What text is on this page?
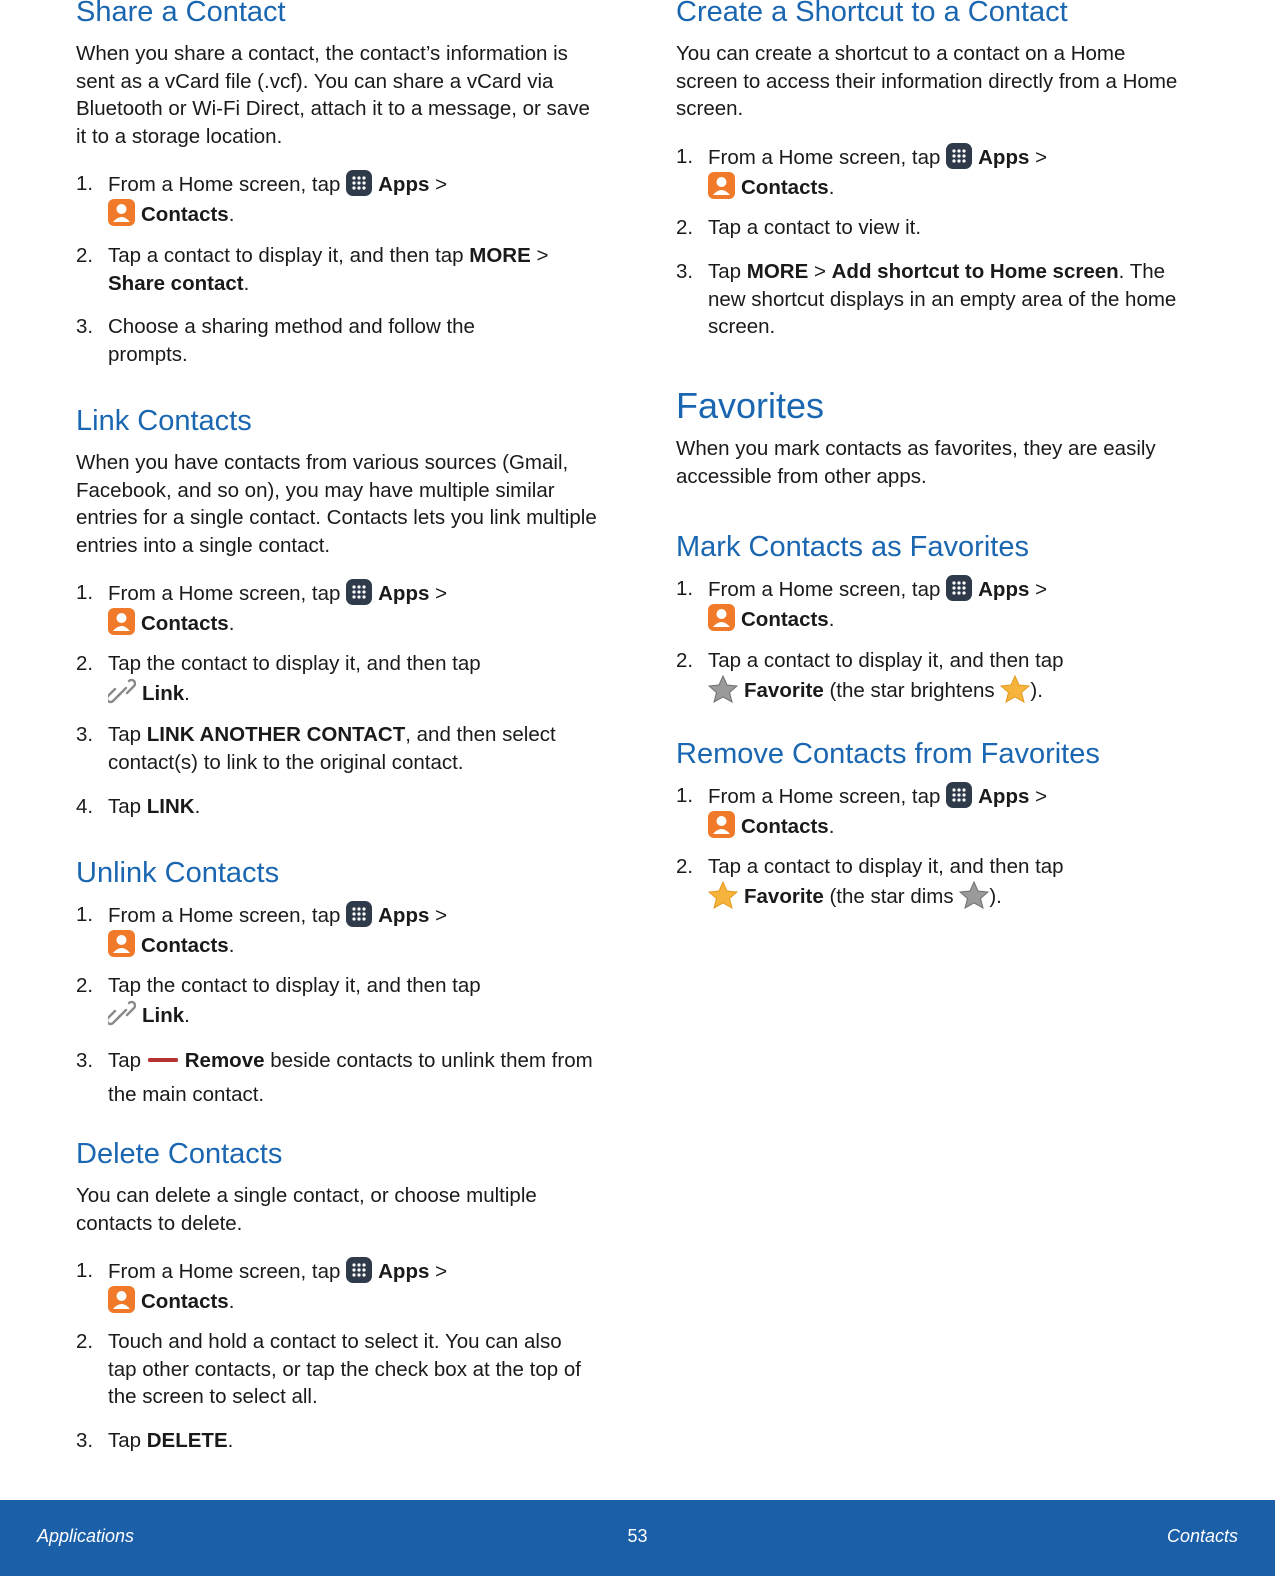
Share a Contact

When you share a contact, the contact’s information is sent as a vCard file (.vcf). You can share a vCard via Bluetooth or Wi-Fi Direct, attach it to a message, or save it to a storage location.

1. From a Home screen, tap
Apps >
Contacts.
2. Tap a contact to display it, and then tap MORE > Share contact.
3. Choose a sharing method and follow the prompts.
Link Contacts

When you have contacts from various sources (Gmail, Facebook, and so on), you may have multiple similar entries for a single contact. Contacts lets you link multiple entries into a single contact.

1. From a Home screen, tap
Apps >
Contacts.
2. Tap the contact to display it, and then tap
Link.
3. Tap LINK ANOTHER CONTACT, and then select contact(s) to link to the original contact.
4. Tap LINK.
Unlink Contacts
1. From a Home screen, tap
Apps >
Contacts.
2. Tap the contact to display it, and then tap
Link.
3. Tap Remove beside contacts to unlink them from the main contact.
Delete Contacts

You can delete a single contact, or choose multiple contacts to delete.

1. From a Home screen, tap
Apps >
Contacts.
2. Touch and hold a contact to select it. You can also tap other contacts, or tap the check box at the top of the screen to select all.
3. Tap DELETE.
Create a Shortcut to a Contact

You can create a shortcut to a contact on a Home screen to access their information directly from a Home screen.

1. From a Home screen, tap
Apps >
Contacts.
2. Tap a contact to view it.
3. Tap MORE > Add shortcut to Home screen. The new shortcut displays in an empty area of the home screen.
Favorites

When you mark contacts as favorites, they are easily accessible from other apps.

Mark Contacts as Favorites
1. From a Home screen, tap
Apps >
Contacts.
2. Tap a contact to display it, and then tap
Favorite (the star brightens ).
Remove Contacts from Favorites
1. From a Home screen, tap
Apps >
Contacts.
2. Tap a contact to display it, and then tap
Favorite (the star dims ).
Applications	53	Contacts
